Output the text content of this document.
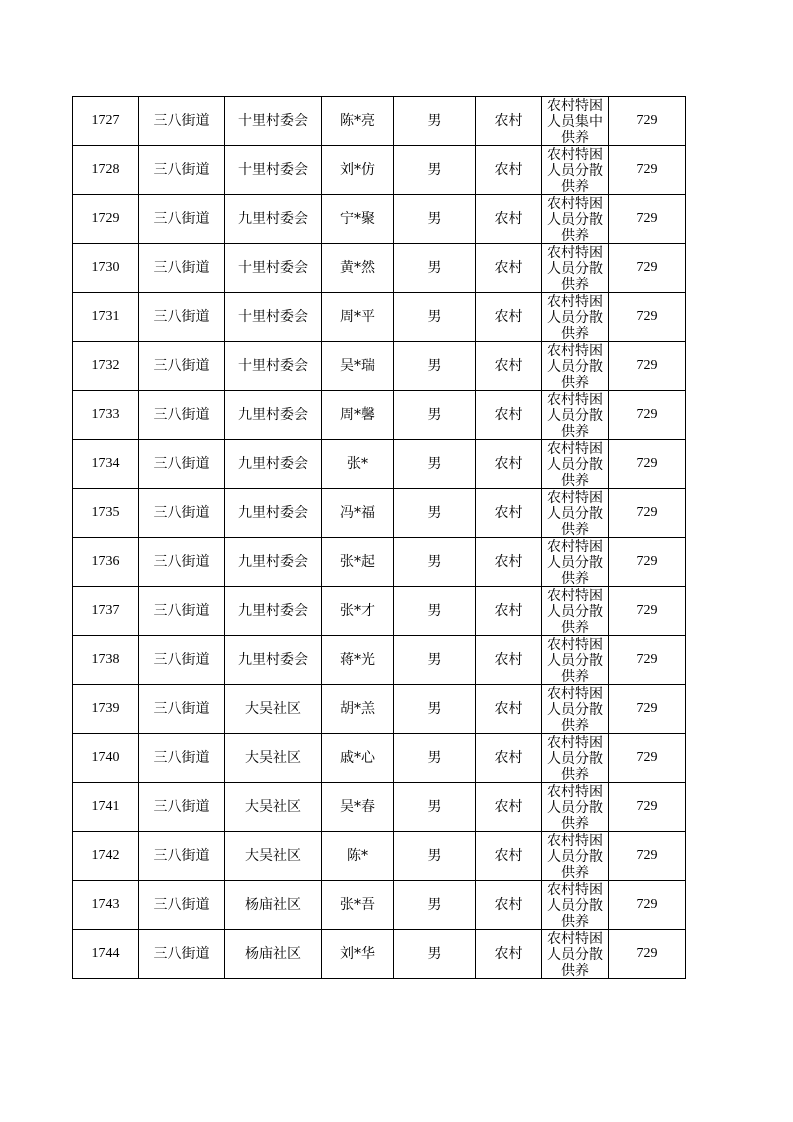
1727	三八街道	十里村委会	陈*亮	男	农村	农村特困人员集中供养	729
1728	三八街道	十里村委会	刘*仿	男	农村	农村特困人员分散供养	729
1729	三八街道	九里村委会	宁*聚	男	农村	农村特困人员分散供养	729
1730	三八街道	十里村委会	黄*然	男	农村	农村特困人员分散供养	729
1731	三八街道	十里村委会	周*平	男	农村	农村特困人员分散供养	729
1732	三八街道	十里村委会	吴*瑞	男	农村	农村特困人员分散供养	729
1733	三八街道	九里村委会	周*馨	男	农村	农村特困人员分散供养	729
1734	三八街道	九里村委会	张*	男	农村	农村特困人员分散供养	729
1735	三八街道	九里村委会	冯*福	男	农村	农村特困人员分散供养	729
1736	三八街道	九里村委会	张*起	男	农村	农村特困人员分散供养	729
1737	三八街道	九里村委会	张*才	男	农村	农村特困人员分散供养	729
1738	三八街道	九里村委会	蒋*光	男	农村	农村特困人员分散供养	729
1739	三八街道	大吴社区	胡*羔	男	农村	农村特困人员分散供养	729
1740	三八街道	大吴社区	戚*心	男	农村	农村特困人员分散供养	729
1741	三八街道	大吴社区	吴*春	男	农村	农村特困人员分散供养	729
1742	三八街道	大吴社区	陈*	男	农村	农村特困人员分散供养	729
1743	三八街道	杨庙社区	张*吾	男	农村	农村特困人员分散供养	729
1744	三八街道	杨庙社区	刘*华	男	农村	农村特困人员分散供养	729
